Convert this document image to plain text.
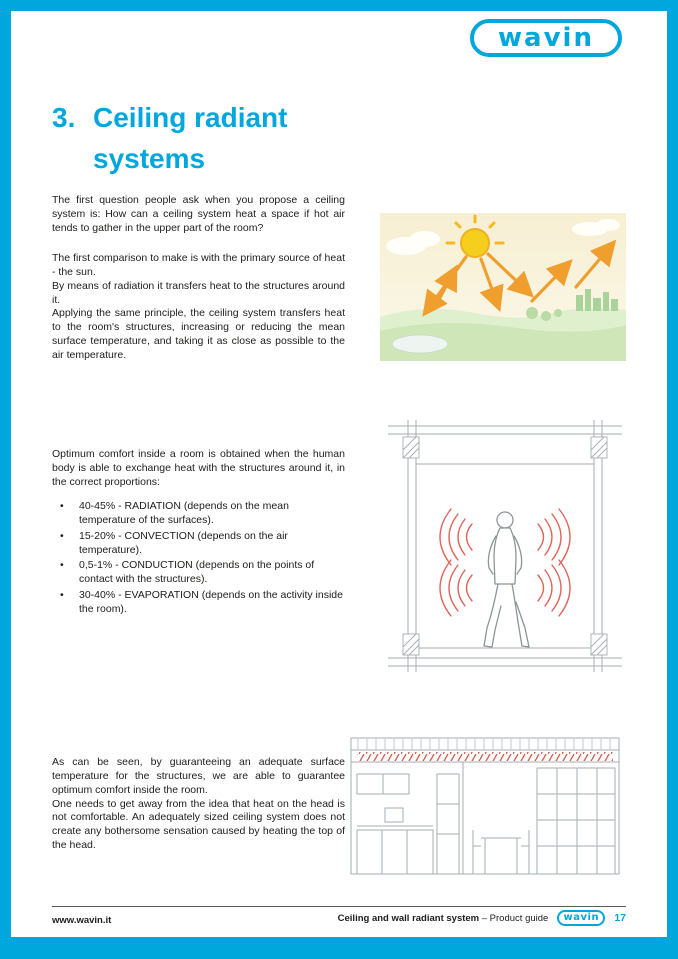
wavin
3. Ceiling radiant
systems
The first question people ask when you propose a ceiling system is: How can a ceiling system heat a space if hot air tends to gather in the upper part of the room?
The first comparison to make is with the primary source of heat - the sun.
By means of radiation it transfers heat to the structures around it.
Applying the same principle, the ceiling system transfers heat to the room's structures, increasing or reducing the mean surface temperature, and taking it as close as possible to the air temperature.
Optimum comfort inside a room is obtained when the human body is able to exchange heat with the structures around it, in the correct proportions:
•	40-45% - RADIATION (depends on the mean temperature of the surfaces).
•	15-20% - CONVECTION (depends on the air temperature).
•	0,5-1% - CONDUCTION (depends on the points of contact with the structures).
•	30-40% - EVAPORATION (depends on the activity inside the room).
As can be seen, by guaranteeing an adequate surface temperature for the structures, we are able to guarantee optimum comfort inside the room.
One needs to get away from the idea that heat on the head is not comfortable. An adequately sized ceiling system does not create any bothersome sensation caused by heating the top of the head.
www.wavin.it	Ceiling and wall radiant system – Product guide wavin 17
